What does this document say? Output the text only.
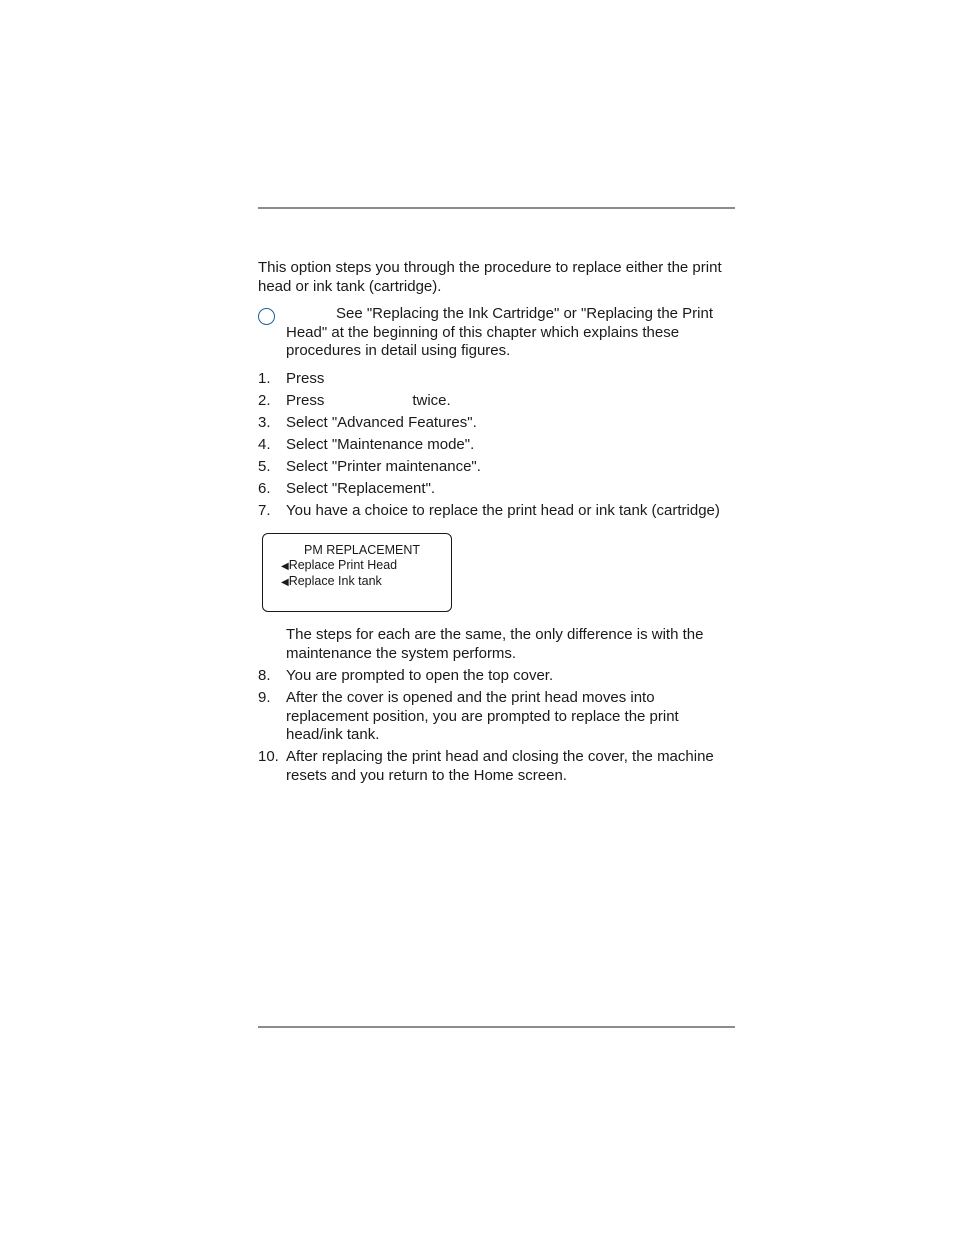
This option steps you through the procedure to replace either the print head or ink tank (cartridge).

See "Replacing the Ink Cartridge" or "Replacing the Print Head" at the beginning of this chapter which explains these procedures in detail using figures.

1. Press
2. Press	twice.
3. Select "Advanced Features".
4. Select "Maintenance mode".
5. Select "Printer maintenance".
6. Select "Replacement".
7. You have a choice to replace the print head or ink tank (cartridge)
PM REPLACEMENT
◀Replace Print Head
◀Replace Ink tank

The steps for each are the same, the only difference is with the maintenance the system performs.

8. You are prompted to open the top cover.
9. After the cover is opened and the print head moves into replacement position, you are prompted to replace the print head/ink tank.
10. After replacing the print head and closing the cover, the machine resets and you return to the Home screen.
